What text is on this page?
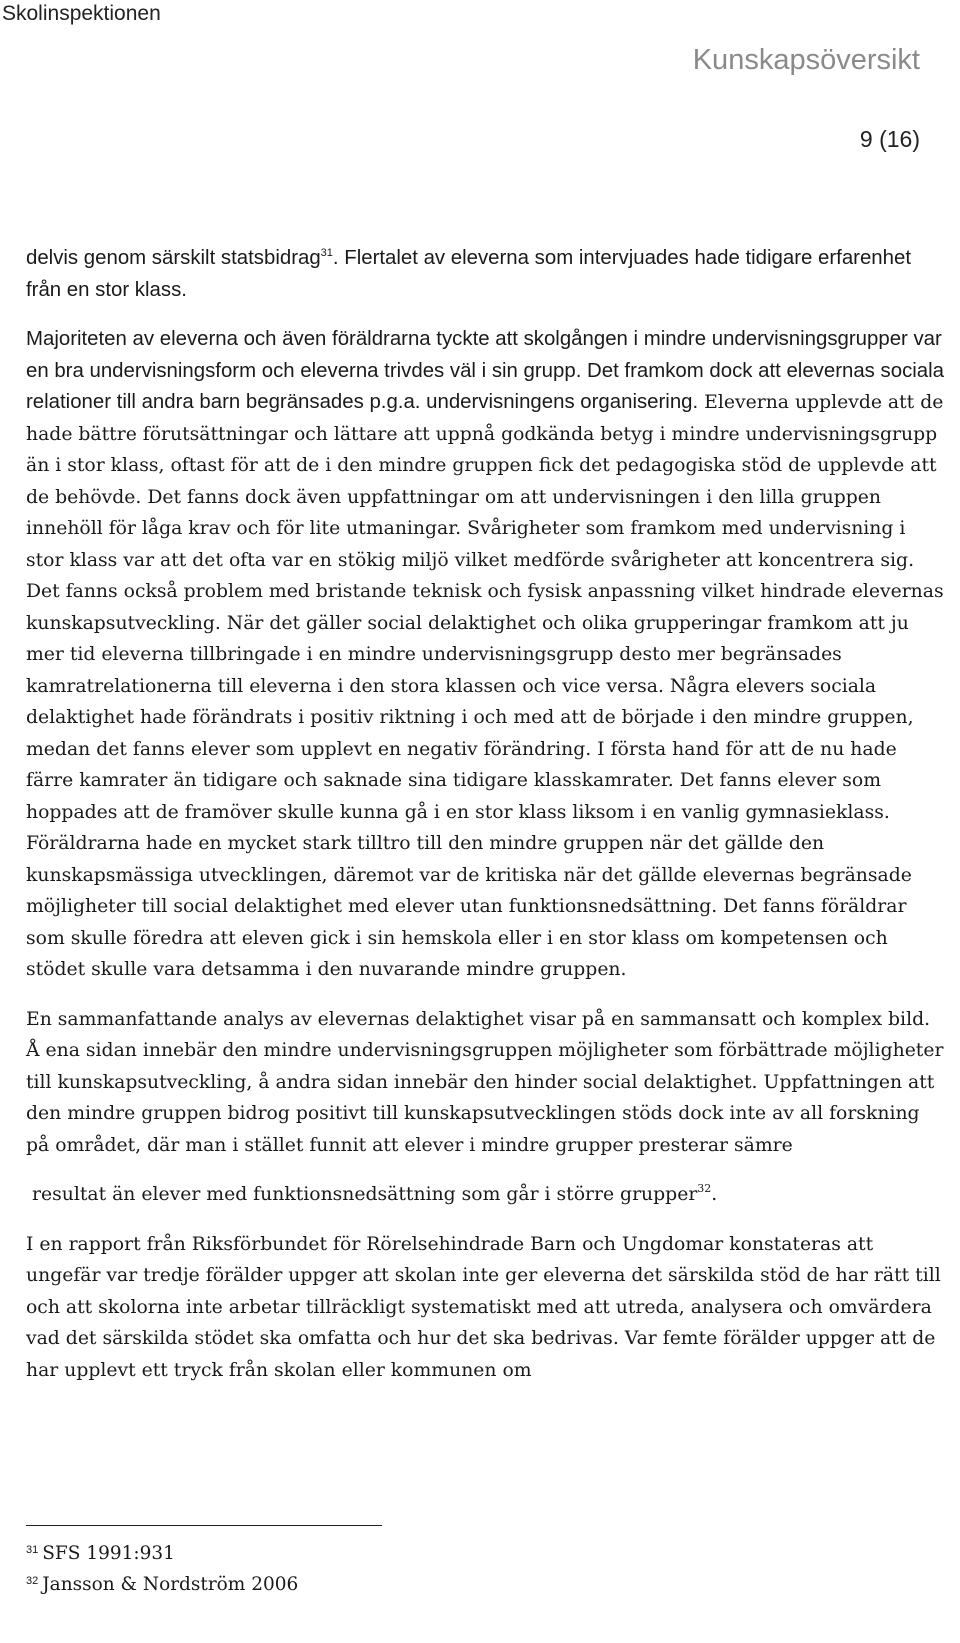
Skolinspektionen
Kunskapsöversikt
9 (16)

delvis genom särskilt statsbidrag$^{31}$. Flertalet av eleverna som intervjuades hade tidigare erfarenhet från en stor klass.

Majoriteten av eleverna och även föräldrarna tyckte att skolgången i mindre undervisningsgrupper var en bra undervisningsform och eleverna trivdes väl i sin grupp. Det framkom dock att elevernas sociala relationer till andra barn begränsades p.g.a. undervisningens organisering. Eleverna upplevde att de hade bättre förutsättningar och lättare att uppnå godkända betyg i mindre undervisningsgrupp än i stor klass, oftast för att de i den mindre gruppen fick det pedagogiska stöd de upplevde att de behövde. Det fanns dock även uppfattningar om att undervisningen i den lilla gruppen innehöll för låga krav och för lite utmaningar. Svårigheter som framkom med undervisning i stor klass var att det ofta var en stökig miljö vilket medförde svårigheter att koncentrera sig. Det fanns också problem med bristande teknisk och fysisk anpassning vilket hindrade elevernas kunskapsutveckling. När det gäller social delaktighet och olika grupperingar framkom att ju mer tid eleverna tillbringade i en mindre undervisningsgrupp desto mer begränsades kamratrelationerna till eleverna i den stora klassen och vice versa. Några elevers sociala delaktighet hade förändrats i positiv riktning i och med att de började i den mindre gruppen, medan det fanns elever som upplevt en negativ förändring. I första hand för att de nu hade färre kamrater än tidigare och saknade sina tidigare klasskamrater. Det fanns elever som hoppades att de framöver skulle kunna gå i en stor klass liksom i en vanlig gymnasieklass. Föräldrarna hade en mycket stark tilltro till den mindre gruppen när det gällde den kunskapsmässiga utvecklingen, däremot var de kritiska när det gällde elevernas begränsade möjligheter till social delaktighet med elever utan funktionsnedsättning. Det fanns föräldrar som skulle föredra att eleven gick i sin hemskola eller i en stor klass om kompetensen och stödet skulle vara detsamma i den nuvarande mindre gruppen.

En sammanfattande analys av elevernas delaktighet visar på en sammansatt och komplex bild. Å ena sidan innebär den mindre undervisningsgruppen möjligheter som förbättrade möjligheter till kunskapsutveckling, å andra sidan innebär den hinder social delaktighet. Uppfattningen att den mindre gruppen bidrog positivt till kunskapsutvecklingen stöds dock inte av all forskning på området, där man i stället funnit att elever i mindre grupper presterar sämre

resultat än elever med funktionsnedsättning som går i större grupper$^{32}$.

I en rapport från Riksförbundet för Rörelsehindrade Barn och Ungdomar konstateras att ungefär var tredje förälder uppger att skolan inte ger eleverna det särskilda stöd de har rätt till och att skolorna inte arbetar tillräckligt systematiskt med att utreda, analysera och omvärdera vad det särskilda stödet ska omfatta och hur det ska bedrivas. Var femte förälder uppger att de har upplevt ett tryck från skolan eller kommunen om

$^{31}$ SFS 1991:931
$^{32}$ Jansson & Nordström 2006
